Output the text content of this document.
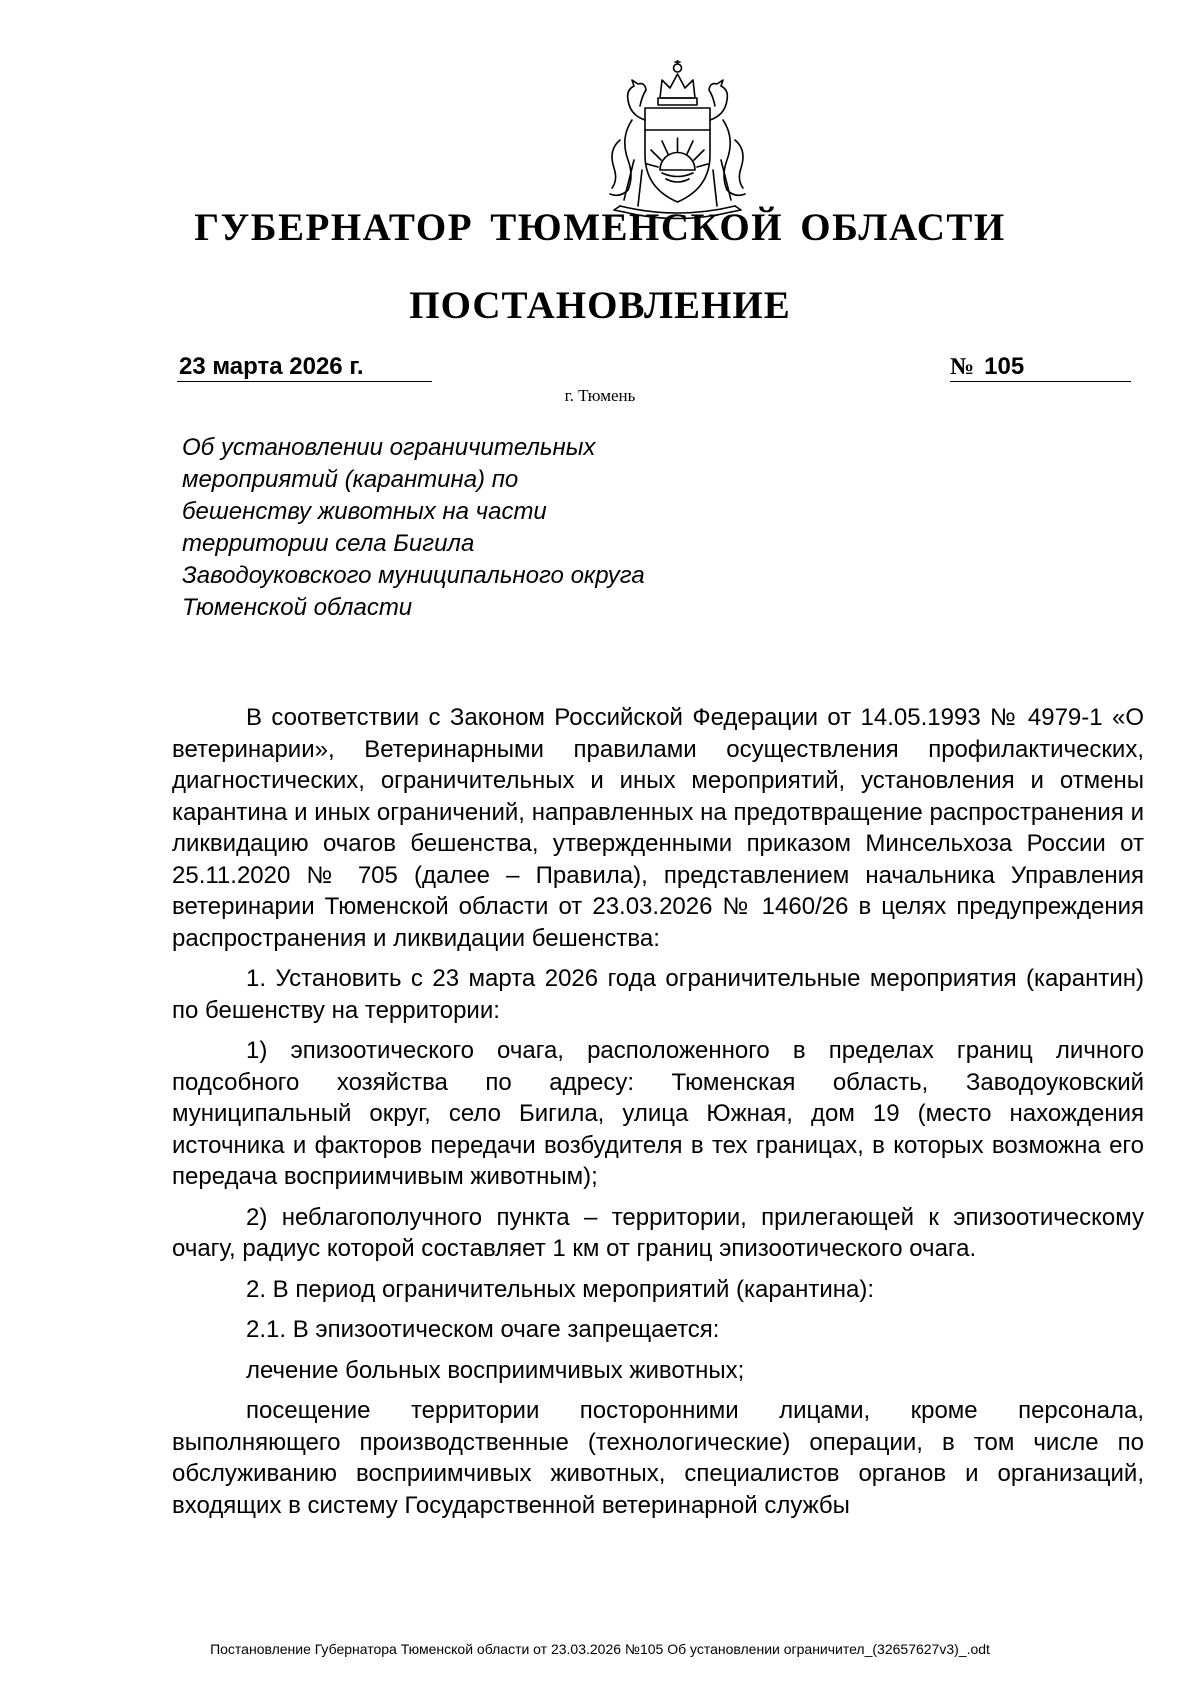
ГУБЕРНАТОР ТЮМЕНСКОЙ ОБЛАСТИ
ПОСТАНОВЛЕНИЕ
23 марта 2026 г.	№ 105
г. Тюмень
Об установлении ограничительных мероприятий (карантина) по бешенству животных на части территории села Бигила Заводоуковского муниципального округа Тюменской области

В соответствии с Законом Российской Федерации от 14.05.1993 № 4979-1 «О ветеринарии», Ветеринарными правилами осуществления профилактических, диагностических, ограничительных и иных мероприятий, установления и отмены карантина и иных ограничений, направленных на предотвращение распространения и ликвидацию очагов бешенства, утвержденными приказом Минсельхоза России от 25.11.2020 № 705 (далее – Правила), представлением начальника Управления ветеринарии Тюменской области от 23.03.2026 № 1460/26 в целях предупреждения распространения и ликвидации бешенства:

1. Установить с 23 марта 2026 года ограничительные мероприятия (карантин) по бешенству на территории:

1) эпизоотического очага, расположенного в пределах границ личного подсобного хозяйства по адресу: Тюменская область, Заводоуковский муниципальный округ, село Бигила, улица Южная, дом 19 (место нахождения источника и факторов передачи возбудителя в тех границах, в которых возможна его передача восприимчивым животным);

2) неблагополучного пункта – территории, прилегающей к эпизоотическому очагу, радиус которой составляет 1 км от границ эпизоотического очага.

2. В период ограничительных мероприятий (карантина):

2.1. В эпизоотическом очаге запрещается:

лечение больных восприимчивых животных;

посещение территории посторонними лицами, кроме персонала, выполняющего производственные (технологические) операции, в том числе по обслуживанию восприимчивых животных, специалистов органов и организаций, входящих в систему Государственной ветеринарной службы

Постановление Губернатора Тюменской области от 23.03.2026 №105 Об установлении ограничител_(32657627v3)_.odt
